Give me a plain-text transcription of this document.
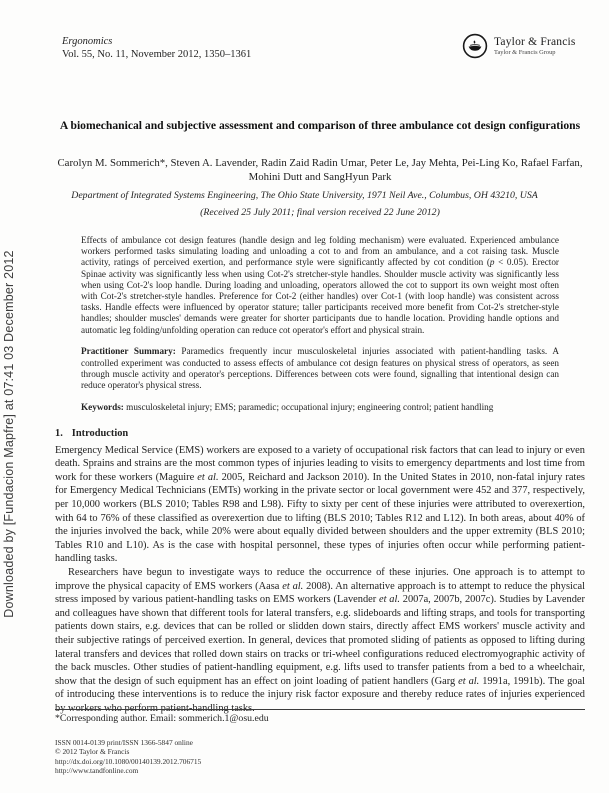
Downloaded by [Fundacion Mapfre] at 07:41 03 December 2012
Ergonomics
Vol. 55, No. 11, November 2012, 1350–1361
Taylor & Francis
Taylor & Francis Group
A biomechanical and subjective assessment and comparison of three ambulance cot design configurations
Carolyn M. Sommerich*, Steven A. Lavender, Radin Zaid Radin Umar, Peter Le, Jay Mehta, Pei-Ling Ko, Rafael Farfan, Mohini Dutt and SangHyun Park
Department of Integrated Systems Engineering, The Ohio State University, 1971 Neil Ave., Columbus, OH 43210, USA
(Received 25 July 2011; final version received 22 June 2012)

Effects of ambulance cot design features (handle design and leg folding mechanism) were evaluated. Experienced ambulance workers performed tasks simulating loading and unloading a cot to and from an ambulance, and a cot raising task. Muscle activity, ratings of perceived exertion, and performance style were significantly affected by cot condition (p < 0.05). Erector Spinae activity was significantly less when using Cot-2's stretcher-style handles. Shoulder muscle activity was significantly less when using Cot-2's loop handle. During loading and unloading, operators allowed the cot to support its own weight most often with Cot-2's stretcher-style handles. Preference for Cot-2 (either handles) over Cot-1 (with loop handle) was consistent across tasks. Handle effects were influenced by operator stature; taller participants received more benefit from Cot-2's stretcher-style handles; shoulder muscles' demands were greater for shorter participants due to handle location. Providing handle options and automatic leg folding/unfolding operation can reduce cot operator's effort and physical strain.

Practitioner Summary: Paramedics frequently incur musculoskeletal injuries associated with patient-handling tasks. A controlled experiment was conducted to assess effects of ambulance cot design features on physical stress of operators, as seen through muscle activity and operator's perceptions. Differences between cots were found, signalling that intentional design can reduce operator's physical stress.

Keywords: musculoskeletal injury; EMS; paramedic; occupational injury; engineering control; patient handling

1. Introduction

Emergency Medical Service (EMS) workers are exposed to a variety of occupational risk factors that can lead to injury or even death. Sprains and strains are the most common types of injuries leading to visits to emergency departments and lost time from work for these workers (Maguire et al. 2005, Reichard and Jackson 2010). In the United States in 2010, non-fatal injury rates for Emergency Medical Technicians (EMTs) working in the private sector or local government were 452 and 377, respectively, per 10,000 workers (BLS 2010; Tables R98 and L98). Fifty to sixty per cent of these injuries were attributed to overexertion, with 64 to 76% of these classified as overexertion due to lifting (BLS 2010; Tables R12 and L12). In both areas, about 40% of the injuries involved the back, while 20% were about equally divided between shoulders and the upper extremity (BLS 2010; Tables R10 and L10). As is the case with hospital personnel, these types of injuries often occur while performing patient-handling tasks.

Researchers have begun to investigate ways to reduce the occurrence of these injuries. One approach is to attempt to improve the physical capacity of EMS workers (Aasa et al. 2008). An alternative approach is to attempt to reduce the physical stress imposed by various patient-handling tasks on EMS workers (Lavender et al. 2007a, 2007b, 2007c). Studies by Lavender and colleagues have shown that different tools for lateral transfers, e.g. slideboards and lifting straps, and tools for transporting patients down stairs, e.g. devices that can be rolled or slidden down stairs, directly affect EMS workers' muscle activity and their subjective ratings of perceived exertion. In general, devices that promoted sliding of patients as opposed to lifting during lateral transfers and devices that rolled down stairs on tracks or tri-wheel configurations reduced electromyographic activity of the back muscles. Other studies of patient-handling equipment, e.g. lifts used to transfer patients from a bed to a wheelchair, show that the design of such equipment has an effect on joint loading of patient handlers (Garg et al. 1991a, 1991b). The goal of introducing these interventions is to reduce the injury risk factor exposure and thereby reduce rates of injuries experienced by workers who perform patient-handling tasks.

*Corresponding author. Email: sommerich.1@osu.edu
ISSN 0014-0139 print/ISSN 1366-5847 online
© 2012 Taylor & Francis
http://dx.doi.org/10.1080/00140139.2012.706715
http://www.tandfonline.com
